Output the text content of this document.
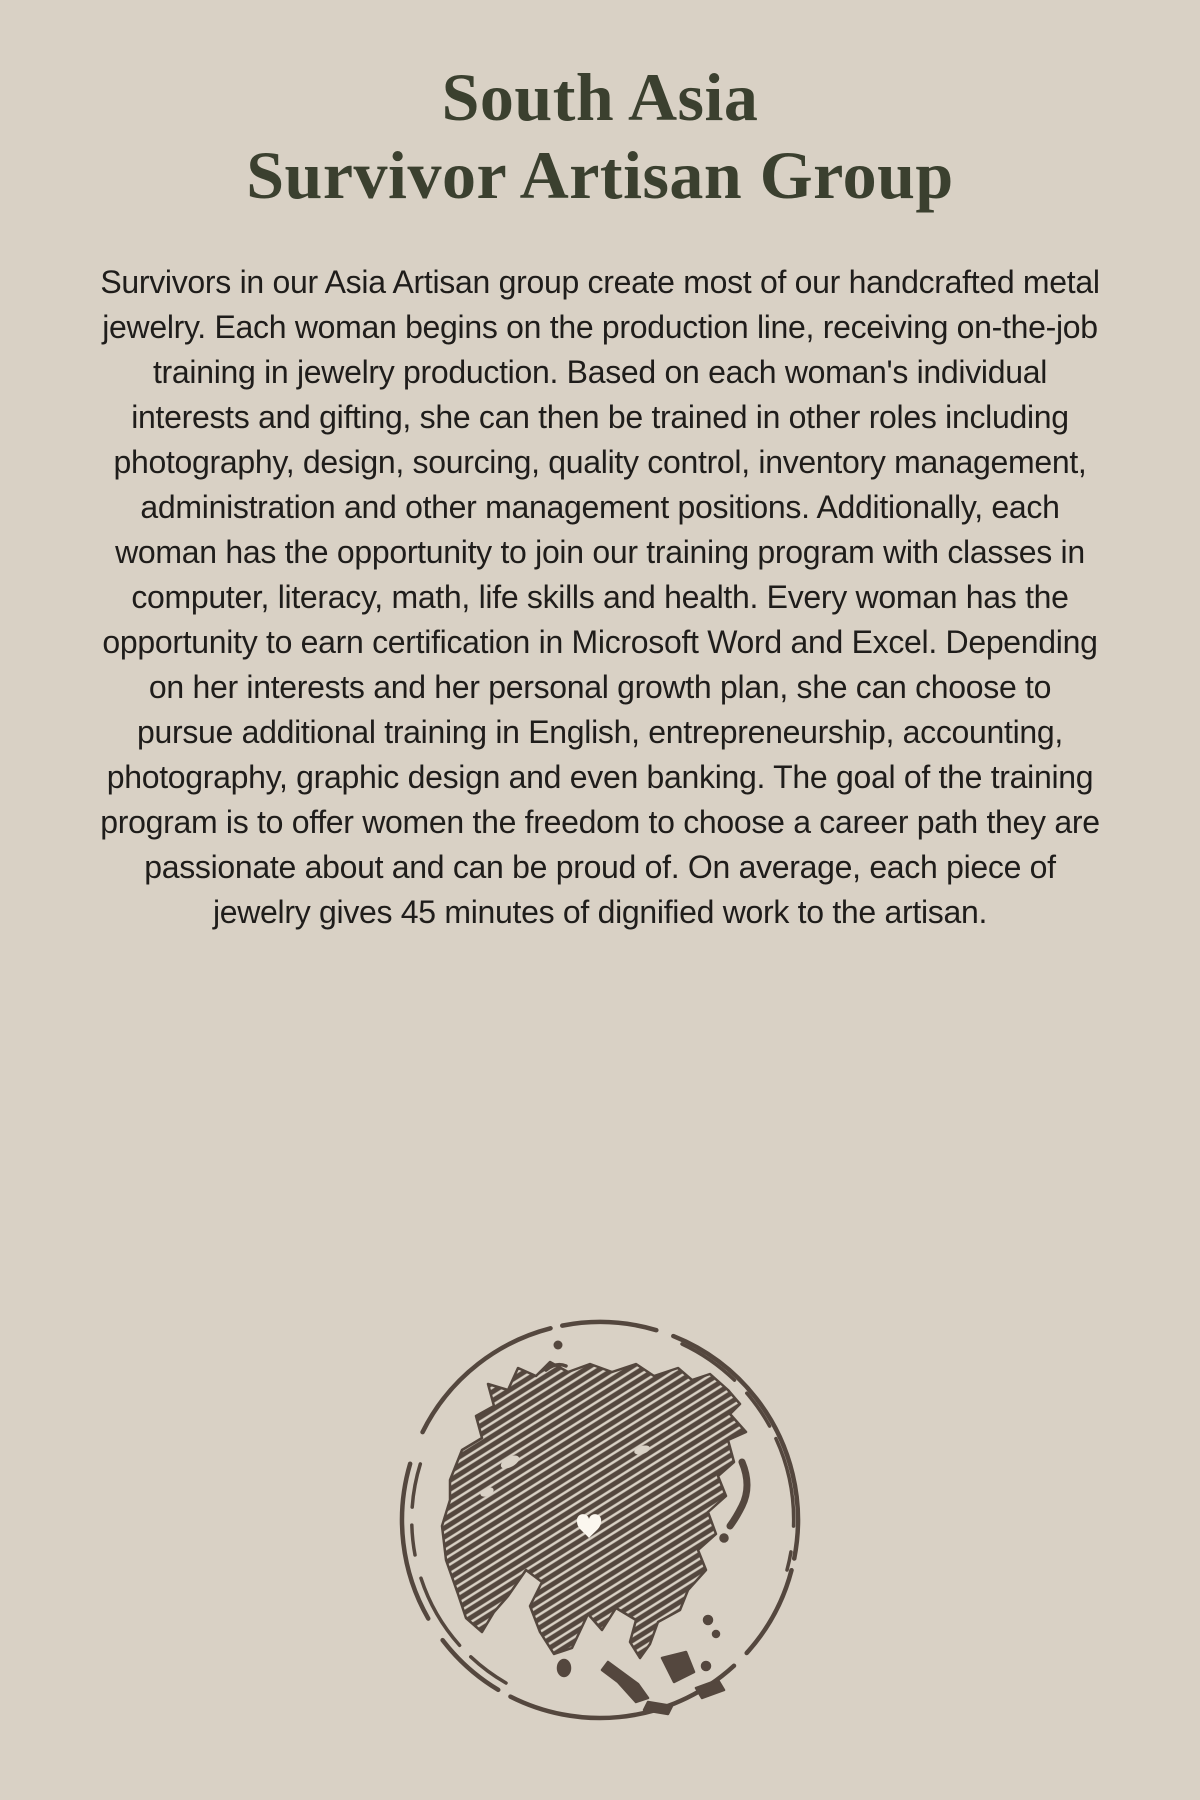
South Asia
Survivor Artisan Group

Survivors in our Asia Artisan group create most of our handcrafted metal jewelry. Each woman begins on the production line, receiving on-the-job training in jewelry production. Based on each woman's individual interests and gifting, she can then be trained in other roles including photography, design, sourcing, quality control, inventory management, administration and other management positions. Additionally, each woman has the opportunity to join our training program with classes in computer, literacy, math, life skills and health. Every woman has the opportunity to earn certification in Microsoft Word and Excel. Depending on her interests and her personal growth plan, she can choose to pursue additional training in English, entrepreneurship, accounting, photography, graphic design and even banking. The goal of the training program is to offer women the freedom to choose a career path they are passionate about and can be proud of. On average, each piece of jewelry gives 45 minutes of dignified work to the artisan.
